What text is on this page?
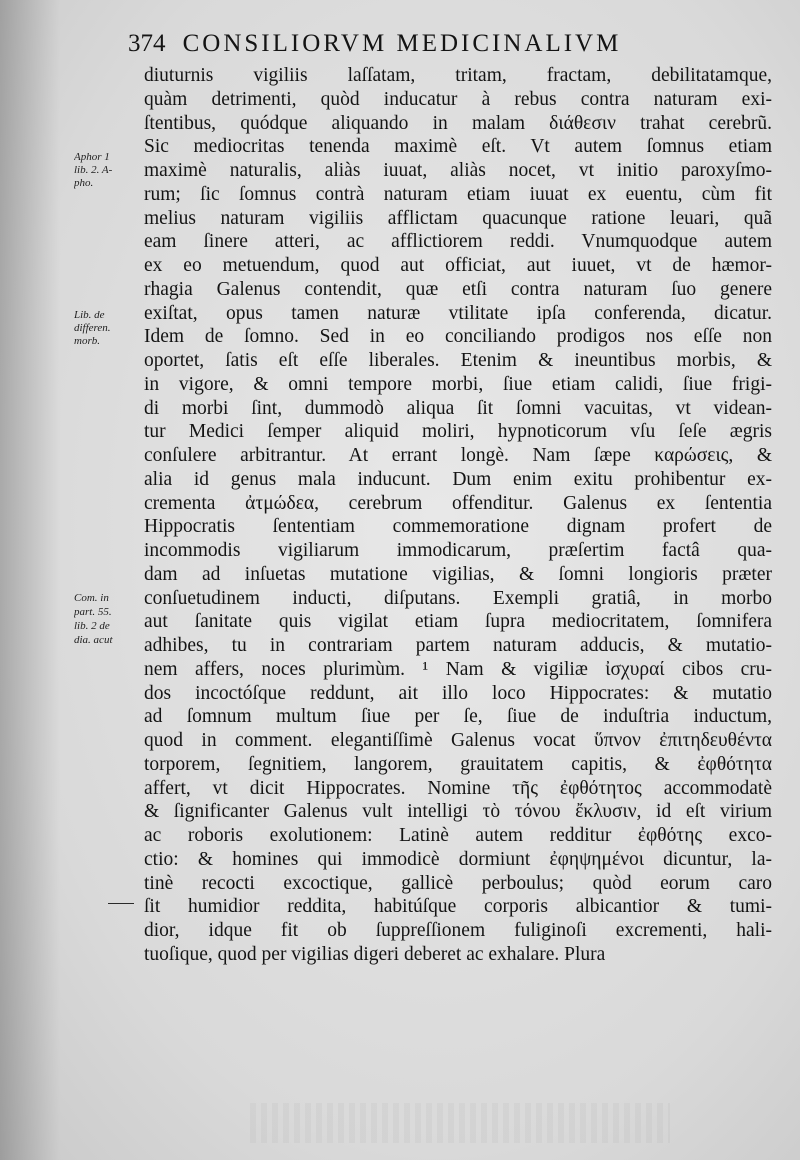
374 CONSILIORVM MEDICINALIVM
diuturnis vigiliis laſſatam, tritam, fractam, debilitatamque,
quàm detrimenti, quòd inducatur à rebus contra naturam exi-
ſtentibus, quódque aliquando in malam διάθεσιν trahat cerebrũ.
Sic mediocritas tenenda maximè eſt. Vt autem ſomnus etiam
maximè naturalis, aliàs iuuat, aliàs nocet, vt initio paroxyſmo-
rum; ſic ſomnus contrà naturam etiam iuuat ex euentu, cùm fit
melius naturam vigiliis afflictam quacunque ratione leuari, quã
eam ſinere atteri, ac afflictiorem reddi. Vnumquodque autem
ex eo metuendum, quod aut officiat, aut iuuet, vt de hæmor-
rhagia Galenus contendit, quæ etſi contra naturam ſuo genere
exiſtat, opus tamen naturæ vtilitate ipſa conferenda, dicatur.
Idem de ſomno. Sed in eo conciliando prodigos nos eſſe non
oportet, ſatis eſt eſſe liberales. Etenim & ineuntibus morbis, &
in vigore, & omni tempore morbi, ſiue etiam calidi, ſiue frigi-
di morbi ſint, dummodò aliqua ſit ſomni vacuitas, vt videan-
tur Medici ſemper aliquid moliri, hypnoticorum vſu ſeſe ægris
conſulere arbitrantur. At errant longè. Nam ſæpe καρώσεις, &
alia id genus mala inducunt. Dum enim exitu prohibentur ex-
crementa ἀτμώδεα, cerebrum offenditur. Galenus ex ſententia
Hippocratis ſententiam commemoratione dignam profert de
incommodis vigiliarum immodicarum, præſertim factâ qua-
dam ad inſuetas mutatione vigilias, & ſomni longioris præter
conſuetudinem inducti, diſputans. Exempli gratiâ, in morbo
aut ſanitate quis vigilat etiam ſupra mediocritatem, ſomnifera
adhibes, tu in contrariam partem naturam adducis, & mutatio-
nem affers, noces plurimùm. ¹ Nam & vigiliæ ἰσχυραί cibos cru-
dos incoctóſque reddunt, ait illo loco Hippocrates: & mutatio
ad ſomnum multum ſiue per ſe, ſiue de induſtria inductum,
quod in comment. elegantiſſimè Galenus vocat ὕπνον ἐπιτηδευθέντα
torporem, ſegnitiem, langorem, grauitatem capitis, & ἐφθότητα
affert, vt dicit Hippocrates. Nomine τῆς ἐφθότητος accommodatè
& ſignificanter Galenus vult intelligi τὸ τόνου ἔκλυσιν, id eſt virium
ac roboris exolutionem: Latinè autem redditur ἐφθότης exco-
ctio: & homines qui immodicè dormiunt ἐφηψημένοι dicuntur, la-
tinè recocti excoctique, gallicè perboulus; quòd eorum caro
ſit humidior reddita, habitúſque corporis albicantior & tumi-
dior, idque fit ob ſuppreſſionem fuliginoſi excrementi, hali-
tuoſique, quod per vigilias digeri deberet ac exhalare. Plura
Aphor 1
lib. 2. A-
pho.
Lib. de
differen.
morb.
Com. in
part. 55.
lib. 2 de
dia. acut
